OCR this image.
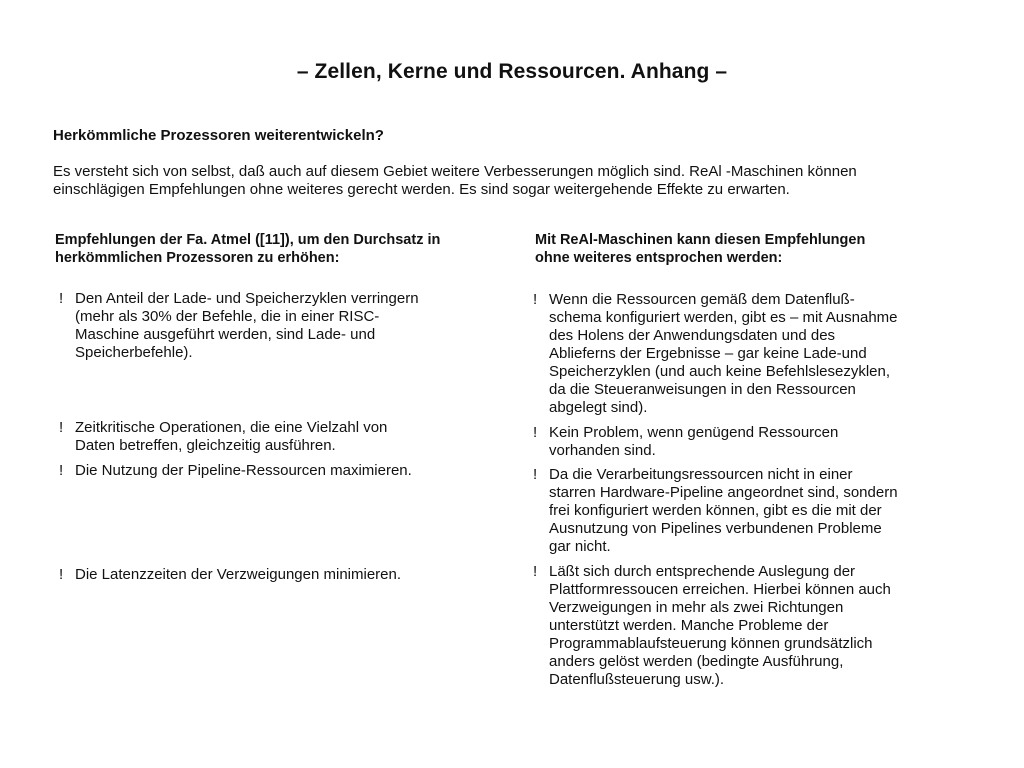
– Zellen, Kerne und Ressourcen. Anhang –
Herkömmliche Prozessoren weiterentwickeln?

Es versteht sich von selbst, daß auch auf diesem Gebiet weitere Verbesserungen möglich sind. ReAl -Maschinen können

einschlägigen Empfehlungen ohne weiteres gerecht werden. Es sind sogar weitergehende Effekte zu erwarten.

Empfehlungen der Fa. Atmel ([11]), um den Durchsatz in

herkömmlichen Prozessoren zu erhöhen:

Mit ReAl-Maschinen kann diesen Empfehlungen

ohne weiteres entsprochen werden:

! Den Anteil der Lade- und Speicherzyklen verringern
(mehr als 30% der Befehle, die in einer RISC-
Maschine ausgeführt werden, sind Lade- und
Speicherbefehle).
! Zeitkritische Operationen, die eine Vielzahl von
Daten betreffen, gleichzeitig ausführen.
! Die Nutzung der Pipeline-Ressourcen maximieren.
! Die Latenzzeiten der Verzweigungen minimieren.
! Wenn die Ressourcen gemäß dem Datenfluß-
schema konfiguriert werden, gibt es – mit Ausnahme
des Holens der Anwendungsdaten und des
Ablieferns der Ergebnisse – gar keine Lade-und
Speicherzyklen (und auch keine Befehlslesezyklen,
da die Steueranweisungen in den Ressourcen
abgelegt sind).
! Kein Problem, wenn genügend Ressourcen
vorhanden sind.
! Da die Verarbeitungsressourcen nicht in einer
starren Hardware-Pipeline angeordnet sind, sondern
frei konfiguriert werden können, gibt es die mit der
Ausnutzung von Pipelines verbundenen Probleme
gar nicht.
! Läßt sich durch entsprechende Auslegung der
Plattformressoucen erreichen. Hierbei können auch
Verzweigungen in mehr als zwei Richtungen
unterstützt werden. Manche Probleme der
Programmablaufsteuerung können grundsätzlich
anders gelöst werden (bedingte Ausführung,
Datenflußsteuerung usw.).
